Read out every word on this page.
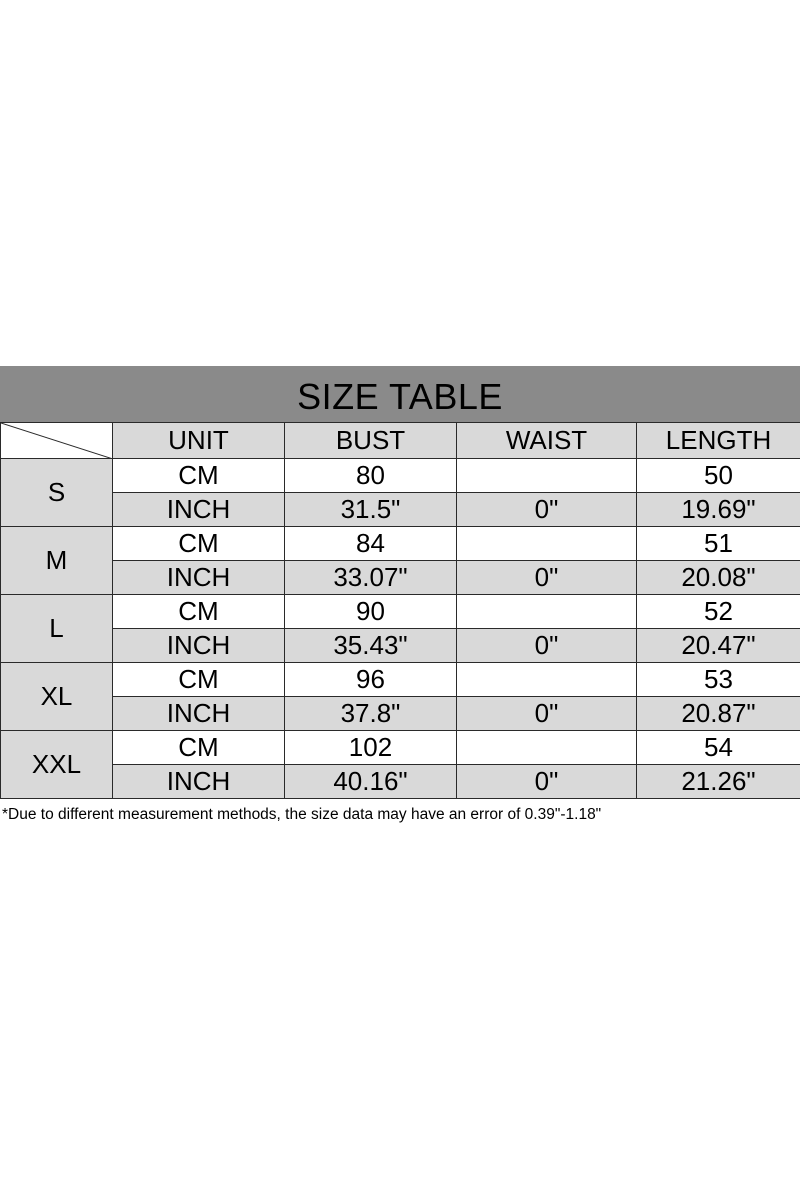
SIZE TABLE
	UNIT	BUST	WAIST	LENGTH
S	CM	80		50
	INCH	31.5"	0"	19.69"
M	CM	84		51
	INCH	33.07"	0"	20.08"
L	CM	90		52
	INCH	35.43"	0"	20.47"
XL	CM	96		53
	INCH	37.8"	0"	20.87"
XXL	CM	102		54
	INCH	40.16"	0"	21.26"
*Due to different measurement methods, the size data may have an error of 0.39"-1.18"
